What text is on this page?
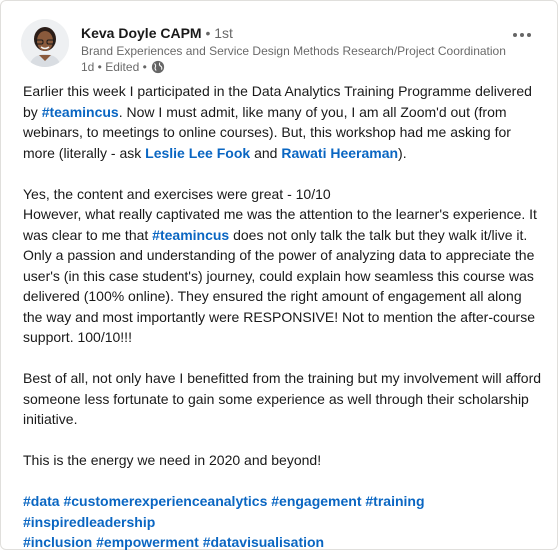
Keva Doyle CAPM • 1st
Brand Experiences and Service Design Methods Research/Project Coordination
1d • Edited •

Earlier this week I participated in the Data Analytics Training Programme delivered by #teamincus. Now I must admit, like many of you, I am all Zoom'd out (from webinars, to meetings to online courses). But, this workshop had me asking for more (literally - ask Leslie Lee Fook and Rawati Heeraman).

Yes, the content and exercises were great - 10/10
However, what really captivated me was the attention to the learner's experience. It was clear to me that #teamincus does not only talk the talk but they walk it/live it. Only a passion and understanding of the power of analyzing data to appreciate the user's (in this case student's) journey, could explain how seamless this course was delivered (100% online). They ensured the right amount of engagement all along the way and most importantly were RESPONSIVE! Not to mention the after-course support. 100/10!!!

Best of all, not only have I benefitted from the training but my involvement will afford someone less fortunate to gain some experience as well through their scholarship initiative.

This is the energy we need in 2020 and beyond!

#data #customerexperienceanalytics #engagement #training #inspiredleadership
#inclusion #empowerment #datavisualisation
